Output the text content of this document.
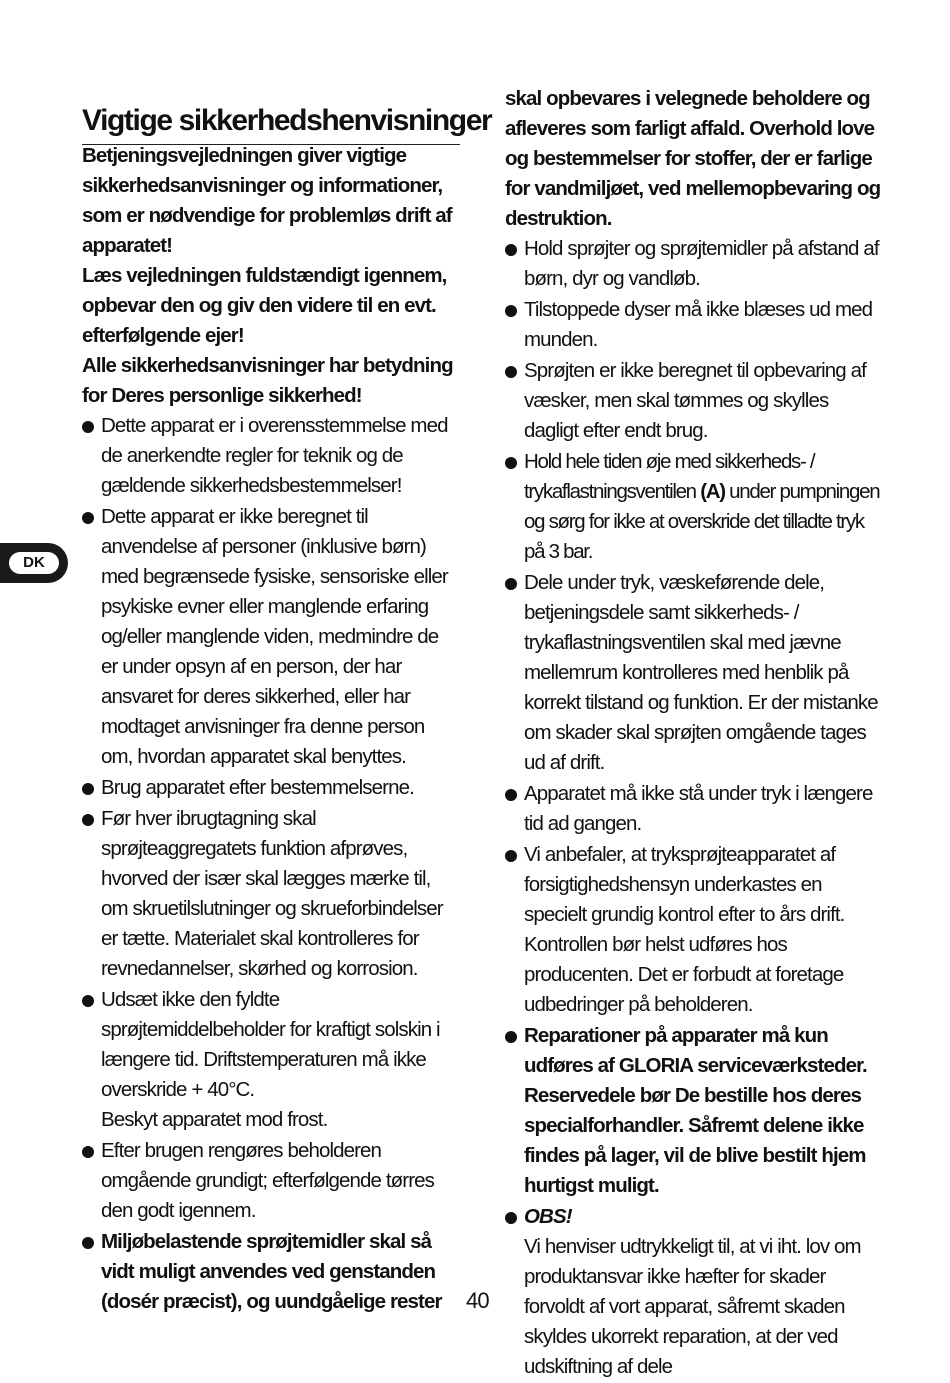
Vigtige sikkerhedshenvisninger
DK

Betjeningsvejledningen giver vigtige sikkerhedsanvisninger og informationer, som er nødvendige for problemløs drift af apparatet!

Læs vejledningen fuldstændigt igennem, opbevar den og giv den videre til en evt. efterfølgende ejer!

Alle sikkerhedsanvisninger har betydning for Deres personlige sikkerhed!

Dette apparat er i overensstemmelse med de anerkendte regler for teknik og de gældende sikkerhedsbestemmelser!
Dette apparat er ikke beregnet til anvendelse af personer (inklusive børn) med begrænsede fysiske, sensoriske eller psykiske evner eller manglende erfaring og/eller manglende viden, medmindre de er under opsyn af en person, der har ansvaret for deres sikkerhed, eller har modtaget anvisninger fra denne person om, hvordan apparatet skal benyttes.
Brug apparatet efter bestemmelserne.
Før hver ibrugtagning skal sprøjteaggregatets funktion afprøves, hvorved der især skal lægges mærke til, om skruetilslutninger og skrueforbindelser er tætte. Materialet skal kontrolleres for revnedannelser, skørhed og korrosion.
Udsæt ikke den fyldte sprøjtemiddelbeholder for kraftigt solskin i længere tid. Driftstemperaturen må ikke overskride + 40°C.
Beskyt apparatet mod frost.
Efter brugen rengøres beholderen omgående grundigt; efterfølgende tørres den godt igennem.
Miljøbelastende sprøjtemidler skal så vidt muligt anvendes ved genstanden (dosér præcist), og uundgåelige rester

skal opbevares i velegnede beholdere og afleveres som farligt affald. Overhold love og bestemmelser for stoffer, der er farlige for vandmiljøet, ved mellemopbevaring og destruktion.

Hold sprøjter og sprøjtemidler på afstand af børn, dyr og vandløb.
Tilstoppede dyser må ikke blæses ud med munden.
Sprøjten er ikke beregnet til opbevaring af væsker, men skal tømmes og skylles dagligt efter endt brug.
Hold hele tiden øje med sikkerheds- / trykaflastningsventilen (A) under pumpningen og sørg for ikke at overskride det tilladte tryk på 3 bar.
Dele under tryk, væskeførende dele, betjeningsdele samt sikkerheds- / trykaflastningsventilen skal med jævne mellemrum kontrolleres med henblik på korrekt tilstand og funktion. Er der mistanke om skader skal sprøjten omgående tages ud af drift.
Apparatet må ikke stå under tryk i længere tid ad gangen.
Vi anbefaler, at tryksprøjteapparatet af forsigtighedshensyn underkastes en specielt grundig kontrol efter to års drift. Kontrollen bør helst udføres hos producenten. Det er forbudt at foretage udbedringer på beholderen.
Reparationer på apparater må kun udføres af GLORIA serviceværksteder. Reservedele bør De bestille hos deres specialforhandler. Såfremt delene ikke findes på lager, vil de blive bestilt hjem hurtigst muligt.
OBS!
Vi henviser udtrykkeligt til, at vi iht. lov om produktansvar ikke hæfter for skader forvoldt af vort apparat, såfremt skaden skyldes ukorrekt reparation, at der ved udskiftning af dele
40
